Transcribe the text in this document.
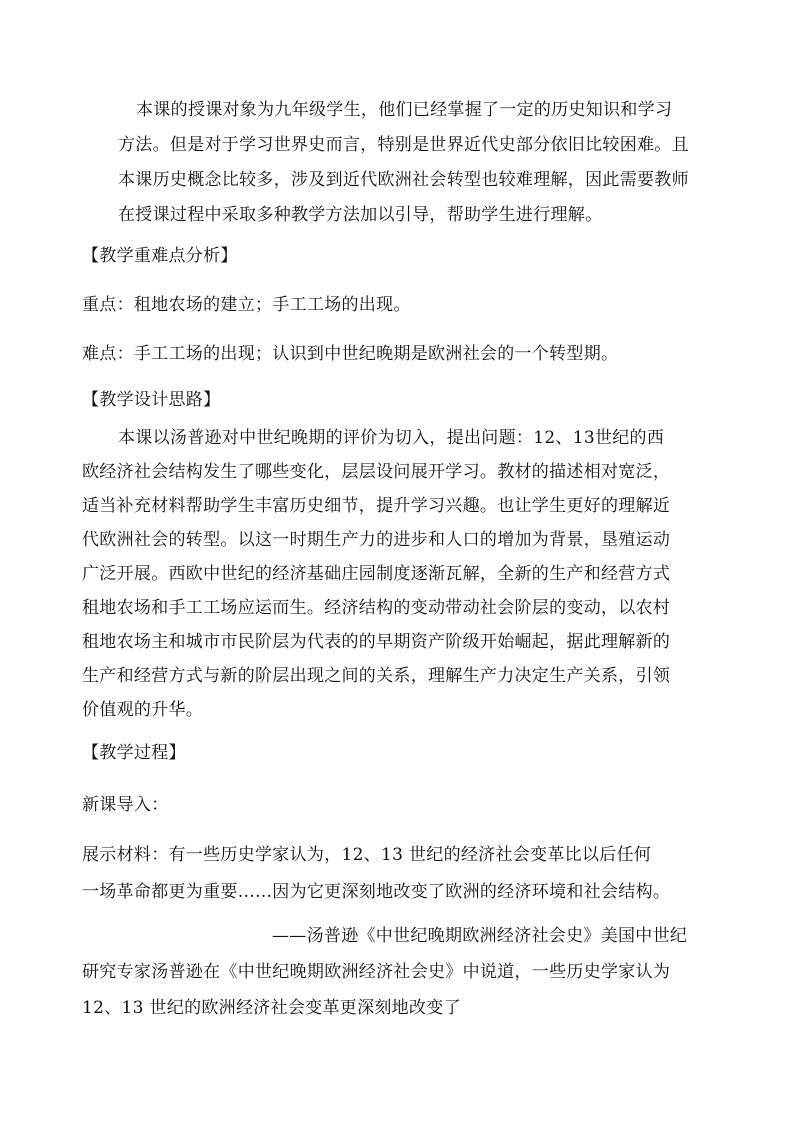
本课的授课对象为九年级学生，他们已经掌握了一定的历史知识和学习
方法。但是对于学习世界史而言，特别是世界近代史部分依旧比较困难。且
本课历史概念比较多，涉及到近代欧洲社会转型也较难理解，因此需要教师
在授课过程中采取多种教学方法加以引导，帮助学生进行理解。
【教学重难点分析】
重点：租地农场的建立；手工工场的出现。
难点：手工工场的出现；认识到中世纪晚期是欧洲社会的一个转型期。
【教学设计思路】
本课以汤普逊对中世纪晚期的评价为切入，提出问题：12、13世纪的西
欧经济社会结构发生了哪些变化，层层设问展开学习。教材的描述相对宽泛，
适当补充材料帮助学生丰富历史细节，提升学习兴趣。也让学生更好的理解近
代欧洲社会的转型。以这一时期生产力的进步和人口的增加为背景，垦殖运动
广泛开展。西欧中世纪的经济基础庄园制度逐渐瓦解，全新的生产和经营方式
租地农场和手工工场应运而生。经济结构的变动带动社会阶层的变动，以农村
租地农场主和城市市民阶层为代表的的早期资产阶级开始崛起，据此理解新的
生产和经营方式与新的阶层出现之间的关系，理解生产力决定生产关系，引领
价值观的升华。
【教学过程】
新课导入：
展示材料：有一些历史学家认为，12、13 世纪的经济社会变革比以后任何
一场革命都更为重要……因为它更深刻地改变了欧洲的经济环境和社会结构。
——汤普逊《中世纪晚期欧洲经济社会史》美国中世纪
研究专家汤普逊在《中世纪晚期欧洲经济社会史》中说道，一些历史学家认为
12、13 世纪的欧洲经济社会变革更深刻地改变了
